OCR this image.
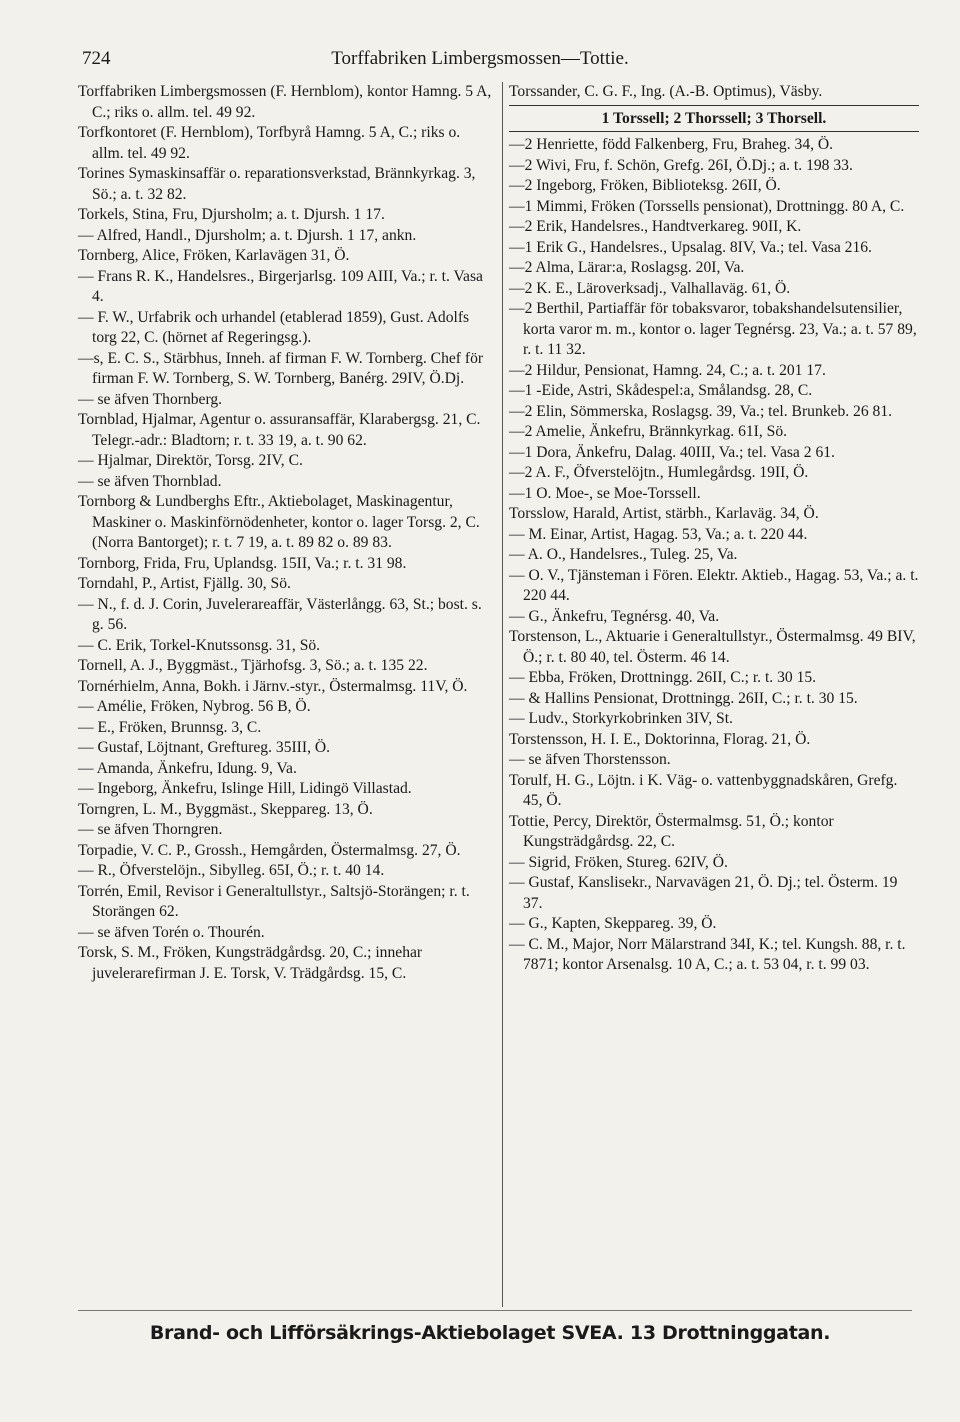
724	Torffabriken Limbergsmossen—Tottie.

Torffabriken Limbergsmossen (F. Hernblom), kontor Hamng. 5 A, C.; riks o. allm. tel. 49 92.

Torfkontoret (F. Hernblom), Torfbyrå Hamng. 5 A, C.; riks o. allm. tel. 49 92.

Torines Symaskinsaffär o. reparationsverkstad, Brännkyrkag. 3, Sö.; a. t. 32 82.

Torkels, Stina, Fru, Djursholm; a. t. Djursh. 1 17.

— Alfred, Handl., Djursholm; a. t. Djursh. 1 17, ankn.

Tornberg, Alice, Fröken, Karlavägen 31, Ö.

— Frans R. K., Handelsres., Birgerjarlsg. 109 AIII, Va.; r. t. Vasa 4.

— F. W., Urfabrik och urhandel (etablerad 1859), Gust. Adolfs torg 22, C. (hörnet af Regeringsg.).

—s, E. C. S., Stärbhus, Inneh. af firman F. W. Tornberg. Chef för firman F. W. Tornberg, S. W. Tornberg, Banérg. 29IV, Ö.Dj.

— se äfven Thornberg.

Tornblad, Hjalmar, Agentur o. assuransaffär, Klarabergsg. 21, C. Telegr.-adr.: Bladtorn; r. t. 33 19, a. t. 90 62.

— Hjalmar, Direktör, Torsg. 2IV, C.

— se äfven Thornblad.

Tornborg & Lundberghs Eftr., Aktiebolaget, Maskinagentur, Maskiner o. Maskinförnödenheter, kontor o. lager Torsg. 2, C. (Norra Bantorget); r. t. 7 19, a. t. 89 82 o. 89 83.

Tornborg, Frida, Fru, Uplandsg. 15II, Va.; r. t. 31 98.

Torndahl, P., Artist, Fjällg. 30, Sö.

— N., f. d. J. Corin, Juvelerareaffär, Västerlångg. 63, St.; bost. s. g. 56.

— C. Erik, Torkel-Knutssonsg. 31, Sö.

Tornell, A. J., Byggmäst., Tjärhofsg. 3, Sö.; a. t. 135 22.

Tornérhielm, Anna, Bokh. i Järnv.-styr., Östermalmsg. 11V, Ö.

— Amélie, Fröken, Nybrog. 56 B, Ö.

— E., Fröken, Brunnsg. 3, C.

— Gustaf, Löjtnant, Greftureg. 35III, Ö.

— Amanda, Änkefru, Idung. 9, Va.

— Ingeborg, Änkefru, Islinge Hill, Lidingö Villastad.

Torngren, L. M., Byggmäst., Skeppareg. 13, Ö.

— se äfven Thorngren.

Torpadie, V. C. P., Grossh., Hemgården, Östermalmsg. 27, Ö.

— R., Öfverstelöjn., Sibylleg. 65I, Ö.; r. t. 40 14.

Torrén, Emil, Revisor i Generaltullstyr., Saltsjö-Storängen; r. t. Storängen 62.

— se äfven Torén o. Thourén.

Torsk, S. M., Fröken, Kungsträdgårdsg. 20, C.; innehar juvelerarefirman J. E. Torsk, V. Trädgårdsg. 15, C.

Torssander, C. G. F., Ing. (A.-B. Optimus), Väsby.

1 Torssell; 2 Thorssell; 3 Thorsell.

—2 Henriette, född Falkenberg, Fru, Braheg. 34, Ö.

—2 Wivi, Fru, f. Schön, Grefg. 26I, Ö.Dj.; a. t. 198 33.

—2 Ingeborg, Fröken, Biblioteksg. 26II, Ö.

—1 Mimmi, Fröken (Torssells pensionat), Drottningg. 80 A, C.

—2 Erik, Handelsres., Handtverkareg. 90II, K.

—1 Erik G., Handelsres., Upsalag. 8IV, Va.; tel. Vasa 216.

—2 Alma, Lärar:a, Roslagsg. 20I, Va.

—2 K. E., Läroverksadj., Valhallaväg. 61, Ö.

—2 Berthil, Partiaffär för tobaksvaror, tobakshandelsutensilier, korta varor m. m., kontor o. lager Tegnérsg. 23, Va.; a. t. 57 89, r. t. 11 32.

—2 Hildur, Pensionat, Hamng. 24, C.; a. t. 201 17.

—1 -Eide, Astri, Skådespel:a, Smålandsg. 28, C.

—2 Elin, Sömmerska, Roslagsg. 39, Va.; tel. Brunkeb. 26 81.

—2 Amelie, Änkefru, Brännkyrkag. 61I, Sö.

—1 Dora, Änkefru, Dalag. 40III, Va.; tel. Vasa 2 61.

—2 A. F., Öfverstelöjtn., Humlegårdsg. 19II, Ö.

—1 O. Moe-, se Moe-Torssell.

Torsslow, Harald, Artist, stärbh., Karlaväg. 34, Ö.

— M. Einar, Artist, Hagag. 53, Va.; a. t. 220 44.

— A. O., Handelsres., Tuleg. 25, Va.

— O. V., Tjänsteman i Fören. Elektr. Aktieb., Hagag. 53, Va.; a. t. 220 44.

— G., Änkefru, Tegnérsg. 40, Va.

Torstenson, L., Aktuarie i Generaltullstyr., Östermalmsg. 49 BIV, Ö.; r. t. 80 40, tel. Österm. 46 14.

— Ebba, Fröken, Drottningg. 26II, C.; r. t. 30 15.

— & Hallins Pensionat, Drottningg. 26II, C.; r. t. 30 15.

— Ludv., Storkyrkobrinken 3IV, St.

Torstensson, H. I. E., Doktorinna, Florag. 21, Ö.

— se äfven Thorstensson.

Torulf, H. G., Löjtn. i K. Väg- o. vattenbyggnadskåren, Grefg. 45, Ö.

Tottie, Percy, Direktör, Östermalmsg. 51, Ö.; kontor Kungsträdgårdsg. 22, C.

— Sigrid, Fröken, Stureg. 62IV, Ö.

— Gustaf, Kanslisekr., Narvavägen 21, Ö. Dj.; tel. Österm. 19 37.

— G., Kapten, Skeppareg. 39, Ö.

— C. M., Major, Norr Mälarstrand 34I, K.; tel. Kungsh. 88, r. t. 7871; kontor Arsenalsg. 10 A, C.; a. t. 53 04, r. t. 99 03.

Brand- och Lifförsäkrings-Aktiebolaget SVEA. 13 Drottninggatan.
